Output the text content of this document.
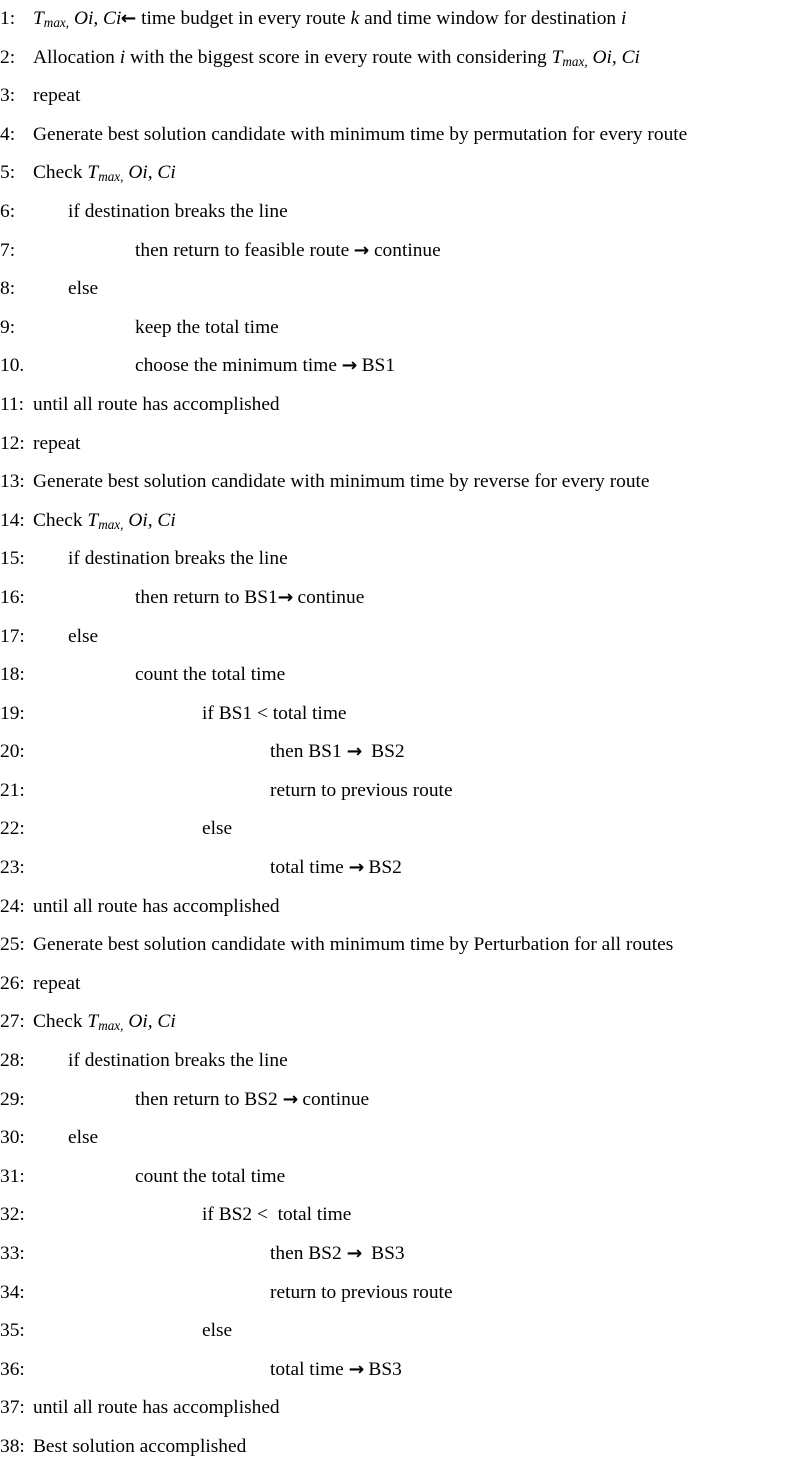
1: $T_{max,}$ Oi, Ci← time budget in every route k and time window for destination i
2: Allocation i with the biggest score in every route with considering $T_{max,}$ Oi, Ci
3: repeat
4: Generate best solution candidate with minimum time by permutation for every route
5: Check $T_{max,}$ Oi, Ci
6:	if destination breaks the line
7:	then return to feasible route → continue
8:	else
9:	keep the total time
10.	choose the minimum time → BS1
11: until all route has accomplished
12: repeat
13: Generate best solution candidate with minimum time by reverse for every route
14: Check $T_{max,}$ Oi, Ci
15: if destination breaks the line
16:	then return to BS1→ continue
17: else
18:	count the total time
19:	if BS1 < total time
20:	then BS1 →  BS2
21:	return to previous route
22:	else
23:	total time → BS2
24: until all route has accomplished
25: Generate best solution candidate with minimum time by Perturbation for all routes
26: repeat
27: Check $T_{max,}$ Oi, Ci
28: if destination breaks the line
29:	then return to BS2 → continue
30: else
31:	count the total time
32:	if BS2 <  total time
33:	then BS2 →  BS3
34:	return to previous route
35:	else
36:	total time → BS3
37: until all route has accomplished
38: Best solution accomplished
